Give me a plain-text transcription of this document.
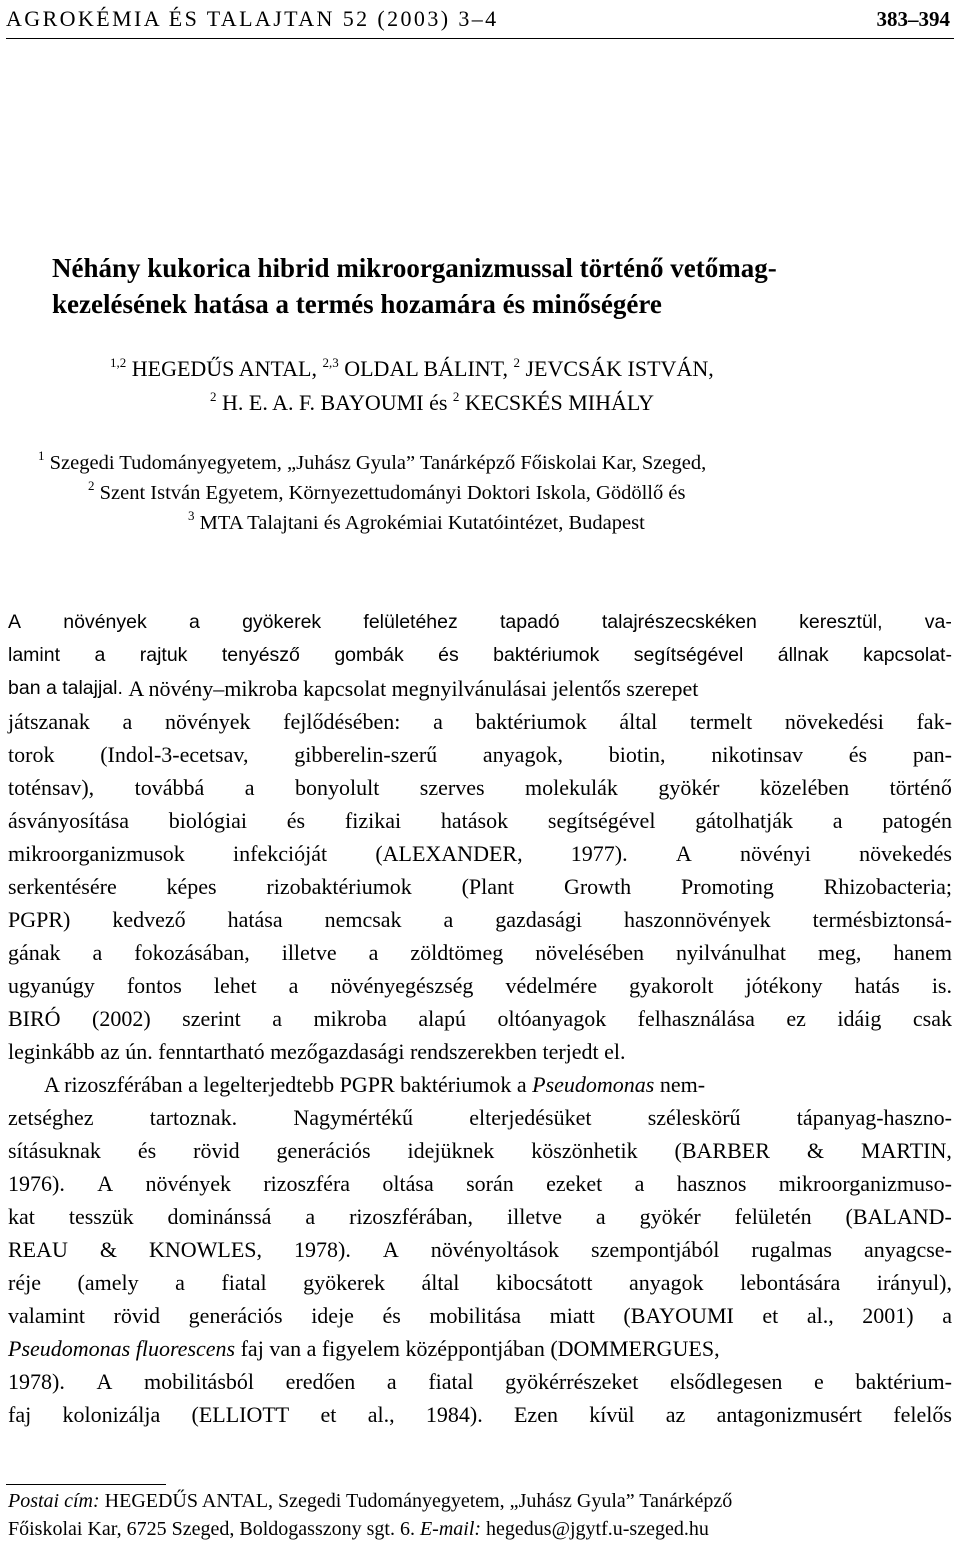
AGROKÉMIA ÉS TALAJTAN 52 (2003) 3–4	383–394
Néhány kukorica hibrid mikroorganizmussal történő vetőmag-
kezelésének hatása a termés hozamára és minőségére
$^{1,2}$ HEGEDŰS ANTAL, $^{2,3}$ OLDAL BÁLINT, $^2$ JEVCSÁK ISTVÁN,
$^2$ H. E. A. F. BAYOUMI és $^2$ KECSKÉS MIHÁLY
$^1$ Szegedi Tudományegyetem, „Juhász Gyula” Tanárképző Főiskolai Kar, Szeged,
$^2$ Szent István Egyetem, Környezettudományi Doktori Iskola, Gödöllő és
$^3$ MTA Talajtani és Agrokémiai Kutatóintézet, Budapest
A növények a gyökerek felületéhez tapadó talajrészecskéken keresztül, va-
lamint a rajtuk tenyésző gombák és baktériumok segítségével állnak kapcsolat-
ban a talajjal. A növény–mikroba kapcsolat megnyilvánulásai jelentős szerepet
játszanak a növények fejlődésében: a baktériumok által termelt növekedési fak-
torok (Indol-3-ecetsav, gibberelin-szerű anyagok, biotin, nikotinsav és pan-
toténsav), továbbá a bonyolult szerves molekulák gyökér közelében történő
ásványosítása biológiai és fizikai hatások segítségével gátolhatják a patogén
mikroorganizmusok infekcióját (ALEXANDER, 1977). A növényi növekedés
serkentésére képes rizobaktériumok (Plant Growth Promoting Rhizobacteria;
PGPR) kedvező hatása nemcsak a gazdasági haszonnövények termésbiztonsá-
gának a fokozásában, illetve a zöldtömeg növelésében nyilvánulhat meg, hanem
ugyanúgy fontos lehet a növényegészség védelmére gyakorolt jótékony hatás is.
BIRÓ (2002) szerint a mikroba alapú oltóanyagok felhasználása ez idáig csak
leginkább az ún. fenntartható mezőgazdasági rendszerekben terjedt el.
A rizoszférában a legelterjedtebb PGPR baktériumok a Pseudomonas nem-
zetséghez	tartoznak.	Nagymértékű	elterjedésüket	széleskörű	tápanyag-haszno-
sításuknak és rövid generációs idejüknek köszönhetik (BARBER & MARTIN,
1976). A növények rizoszféra oltása során ezeket a hasznos mikroorganizmuso-
kat tesszük dominánssá a rizoszférában, illetve a gyökér felületén (BALAND-
REAU & KNOWLES, 1978). A növényoltások szempontjából rugalmas anyagcse-
réje (amely a fiatal gyökerek által kibocsátott anyagok lebontására irányul),
valamint rövid generációs ideje és mobilitása miatt (BAYOUMI et al., 2001) a
Pseudomonas fluorescens faj van a figyelem középpontjában (DOMMERGUES,
1978). A mobilitásból eredően a fiatal gyökérrészeket elsődlegesen e baktérium-
faj kolonizálja (ELLIOTT et al., 1984). Ezen kívül az antagonizmusért felelős
Postai cím: HEGEDŰS ANTAL, Szegedi Tudományegyetem, „Juhász Gyula” Tanárképző
Főiskolai Kar, 6725 Szeged, Boldogasszony sgt. 6. E-mail: hegedus@jgytf.u-szeged.hu
